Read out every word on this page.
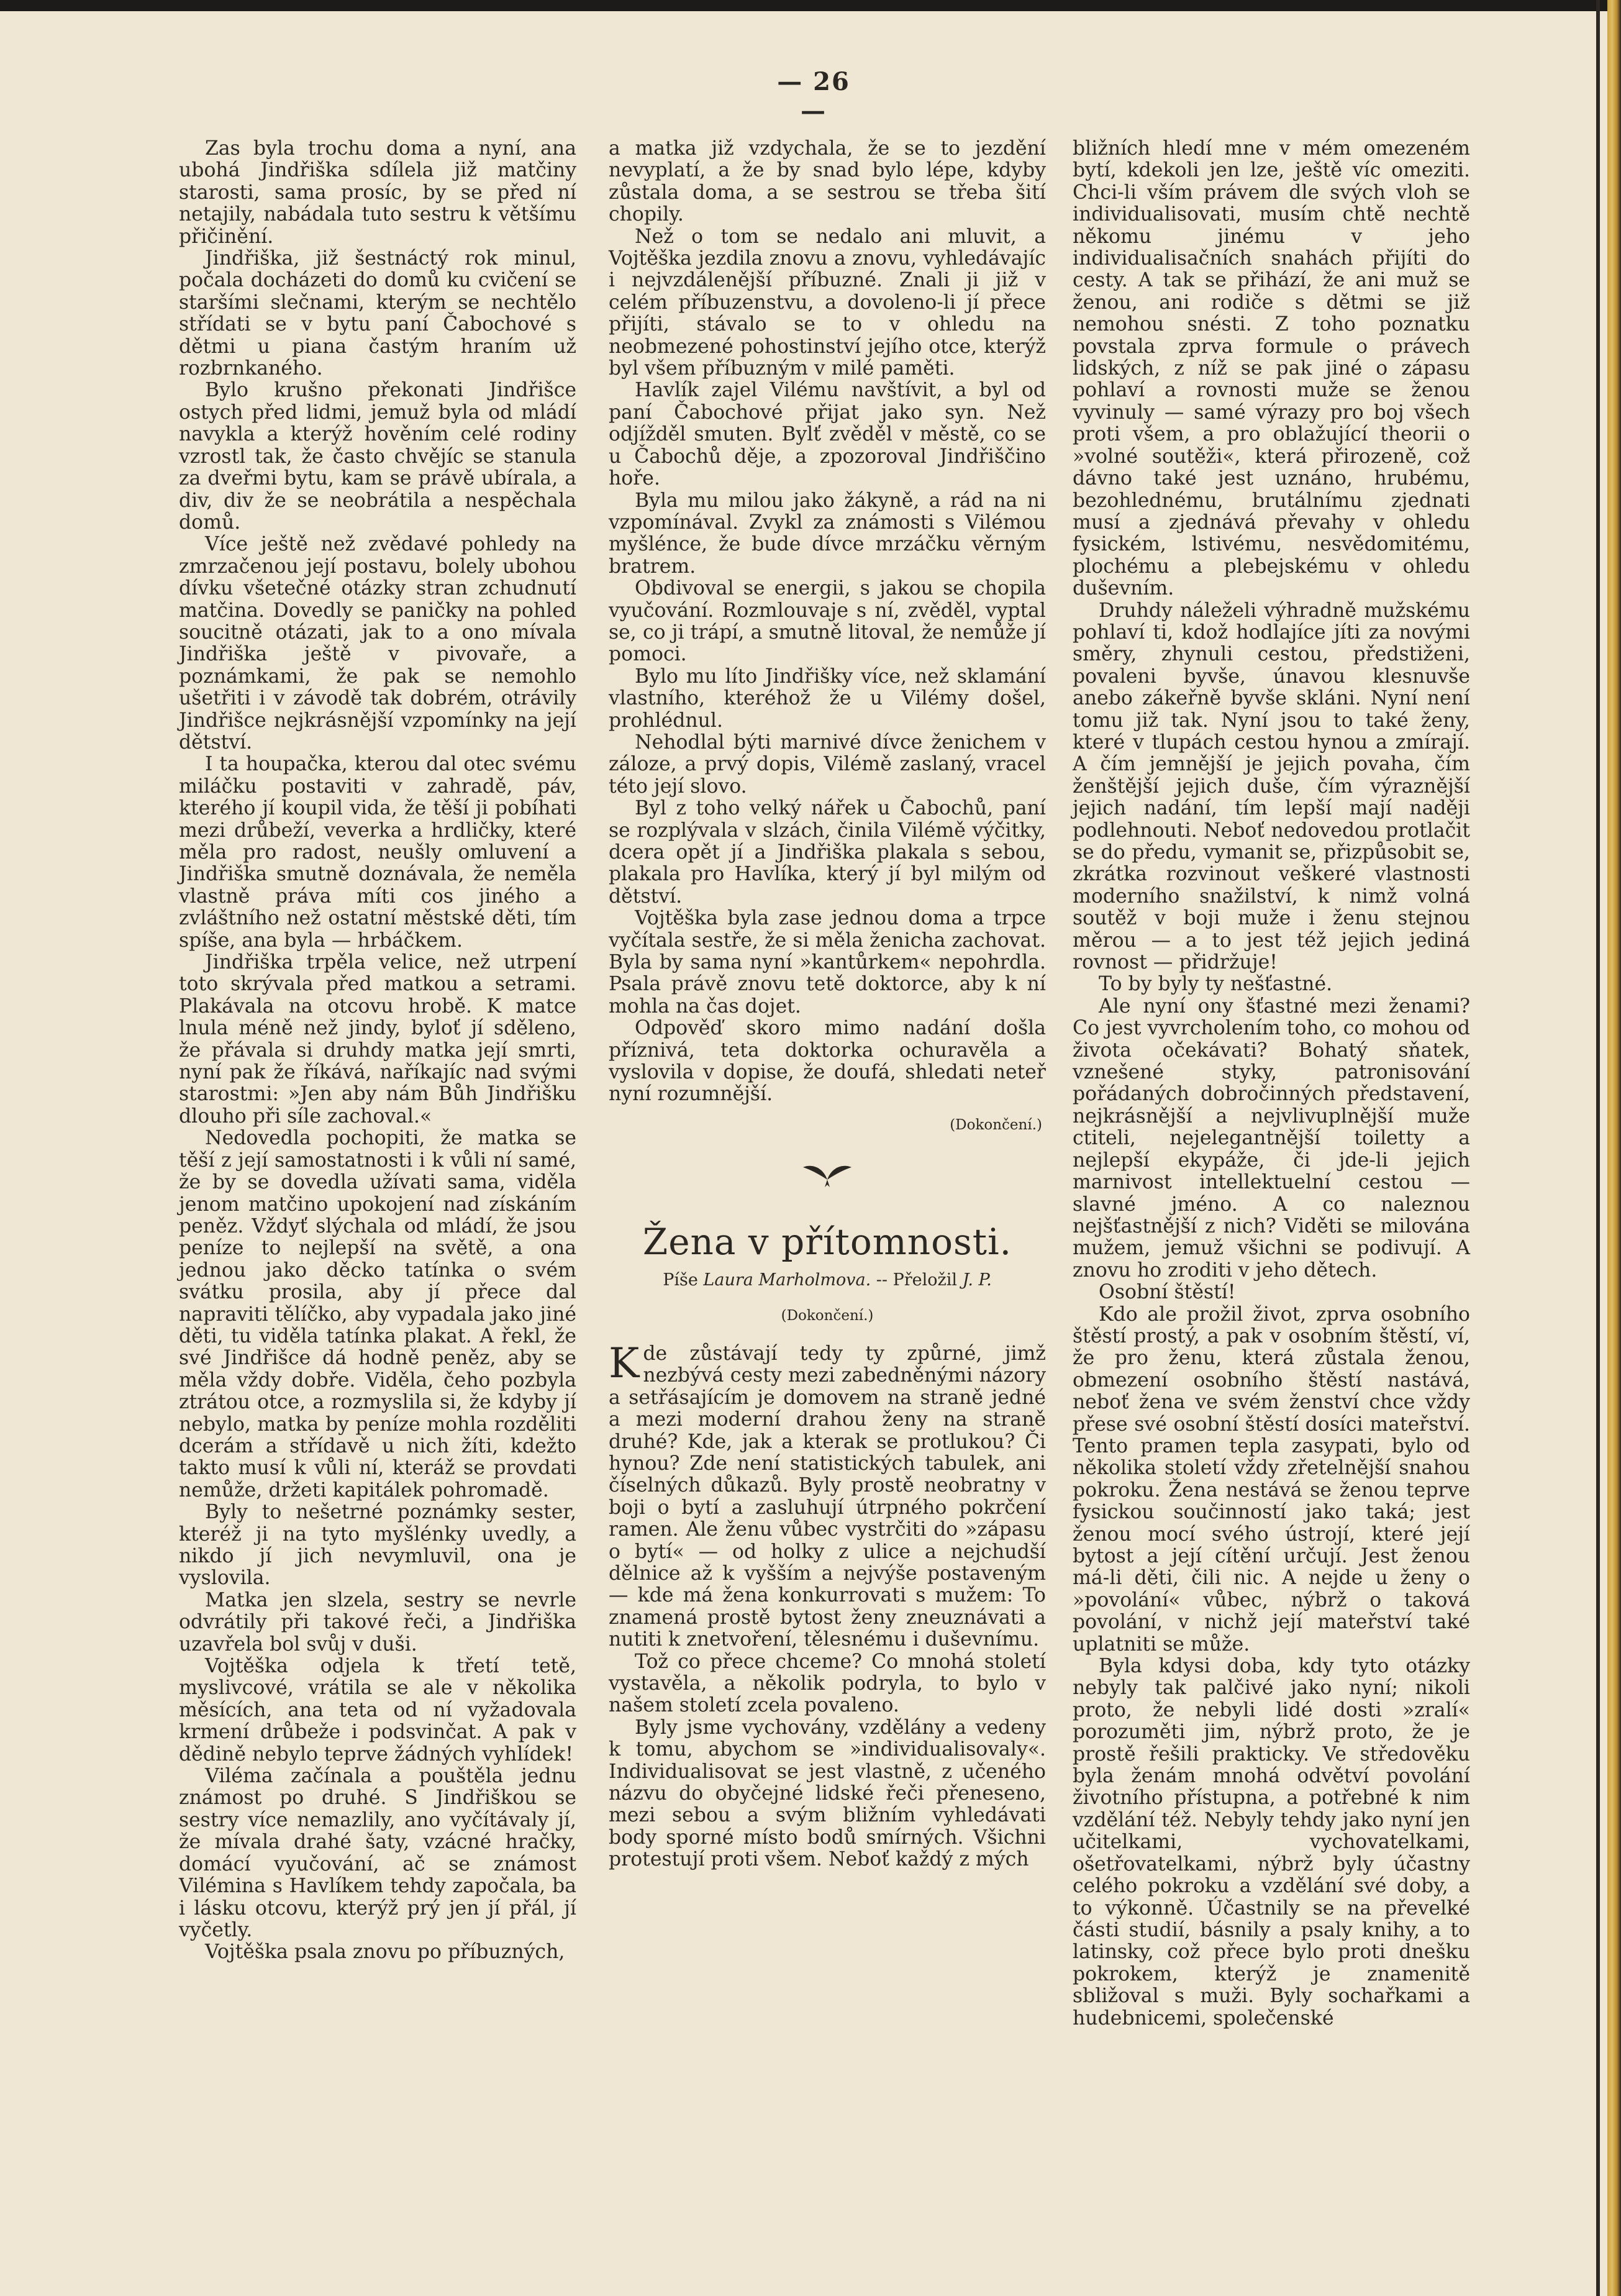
— 26 —

Zas byla trochu doma a nyní, ana ubohá Jindřiška sdílela již matčiny starosti, sama prosíc, by se před ní netajily, nabádala tuto sestru k většímu přičinění.

Jindřiška, již šestnáctý rok minul, počala docházeti do domů ku cvičení se staršími slečnami, kterým se nechtělo střídati se v bytu paní Čabochové s dětmi u piana častým hraním už rozbrnkaného.

Bylo krušno překonati Jindřišce ostych před lidmi, jemuž byla od mládí navykla a kterýž hověním celé rodiny vzrostl tak, že často chvějíc se stanula za dveřmi bytu, kam se právě ubírala, a div, div že se neobrátila a nespěchala domů.

Více ještě než zvědavé pohledy na zmrzačenou její postavu, bolely ubohou dívku všetečné otázky stran zchudnutí matčina. Dovedly se paničky na pohled soucitně otázati, jak to a ono mívala Jindřiška ještě v pivovaře, a poznámkami, že pak se nemohlo ušetřiti i v závodě tak dobrém, otrávily Jindřišce nejkrásnější vzpomínky na její dětství.

I ta houpačka, kterou dal otec svému miláčku postaviti v zahradě, páv, kterého jí koupil vida, že těší ji pobíhati mezi drůbeží, veverka a hrdličky, které měla pro radost, neušly omluvení a Jindřiška smutně doznávala, že neměla vlastně práva míti cos jiného a zvláštního než ostatní městské děti, tím spíše, ana byla — hrbáčkem.

Jindřiška trpěla velice, než utrpení toto skrývala před matkou a setrami. Plakávala na otcovu hrobě. K matce lnula méně než jindy, byloť jí sděleno, že přávala si druhdy matka její smrti, nyní pak že říkává, naříkajíc nad svými starostmi: »Jen aby nám Bůh Jindřišku dlouho při síle zachoval.«

Nedovedla pochopiti, že matka se těší z její samostatnosti i k vůli ní samé, že by se dovedla užívati sama, viděla jenom matčino upokojení nad získáním peněz. Vždyť slýchala od mládí, že jsou peníze to nejlepší na světě, a ona jednou jako děcko tatínka o svém svátku prosila, aby jí přece dal napraviti tělíčko, aby vypadala jako jiné děti, tu viděla tatínka plakat. A řekl, že své Jindřišce dá hodně peněz, aby se měla vždy dobře. Viděla, čeho pozbyla ztrátou otce, a rozmyslila si, že kdyby jí nebylo, matka by peníze mohla rozděliti dcerám a střídavě u nich žíti, kdežto takto musí k vůli ní, kteráž se provdati nemůže, držeti kapitálek pohromadě.

Byly to nešetrné poznámky sester, kteréž ji na tyto myšlénky uvedly, a nikdo jí jich nevymluvil, ona je vyslovila.

Matka jen slzela, sestry se nevrle odvrátily při takové řeči, a Jindřiška uzavřela bol svůj v duši.

Vojtěška odjela k třetí tetě, myslivcové, vrátila se ale v několika měsících, ana teta od ní vyžadovala krmení drůbeže i podsvinčat. A pak v dědině nebylo teprve žádných vyhlídek!

Viléma začínala a pouštěla jednu známost po druhé. S Jindřiškou se sestry více nemazlily, ano vyčítávaly jí, že mívala drahé šaty, vzácné hračky, domácí vyučování, ač se známost Vilémina s Havlíkem tehdy započala, ba i lásku otcovu, kterýž prý jen jí přál, jí vyčetly.

Vojtěška psala znovu po příbuzných,

a matka již vzdychala, že se to jezdění nevyplatí, a že by snad bylo lépe, kdyby zůstala doma, a se sestrou se třeba šití chopily.

Než o tom se nedalo ani mluvit, a Vojtěška jezdila znovu a znovu, vyhledávajíc i nejvzdálenější příbuzné. Znali ji již v celém příbuzenstvu, a dovoleno-li jí přece přijíti, stávalo se to v ohledu na neobmezené pohostinství jejího otce, kterýž byl všem příbuzným v milé paměti.

Havlík zajel Vilému navštívit, a byl od paní Čabochové přijat jako syn. Než odjížděl smuten. Bylť zvěděl v městě, co se u Čabochů děje, a zpozoroval Jindřiščino hoře.

Byla mu milou jako žákyně, a rád na ni vzpomínával. Zvykl za známosti s Vilémou myšlénce, že bude dívce mrzáčku věrným bratrem.

Obdivoval se energii, s jakou se chopila vyučování. Rozmlouvaje s ní, zvěděl, vyptal se, co ji trápí, a smutně litoval, že nemůže jí pomoci.

Bylo mu líto Jindřišky více, než sklamání vlastního, kteréhož že u Vilémy došel, prohlédnul.

Nehodlal býti marnivé dívce ženichem v záloze, a prvý dopis, Vilémě zaslaný, vracel této její slovo.

Byl z toho velký nářek u Čabochů, paní se rozplývala v slzách, činila Vilémě výčitky, dcera opět jí a Jindřiška plakala s sebou, plakala pro Havlíka, který jí byl milým od dětství.

Vojtěška byla zase jednou doma a trpce vyčítala sestře, že si měla ženicha zachovat. Byla by sama nyní »kantůrkem« nepohrdla. Psala právě znovu tetě doktorce, aby k ní mohla na čas dojet.

Odpověď skoro mimo nadání došla příznivá, teta doktorka ochuravěla a vyslovila v dopise, že doufá, shledati neteř nyní rozumnější.

(Dokončení.)
Žena v přítomnosti.
Píše Laura Marholmova. -- Přeložil J. P.
(Dokončení.)

Kde zůstávají tedy ty způrné, jimž nezbývá cesty mezi zabedněnými názory a setřásajícím je domovem na straně jedné a mezi moderní drahou ženy na straně druhé? Kde, jak a kterak se protlukou? Či hynou? Zde není statistických tabulek, ani číselných důkazů. Byly prostě neobratny v boji o bytí a zasluhují útrpného pokrčení ramen. Ale ženu vůbec vystrčiti do »zápasu o bytí« — od holky z ulice a nejchudší dělnice až k vyšším a nejvýše postaveným — kde má žena konkurrovati s mužem: To znamená prostě bytost ženy zneuznávati a nutiti k znetvoření, tělesnému i duševnímu.

Tož co přece chceme? Co mnohá století vystavěla, a několik podryla, to bylo v našem století zcela povaleno.

Byly jsme vychovány, vzdělány a vedeny k tomu, abychom se »individualisovaly«. Individualisovat se jest vlastně, z učeného názvu do obyčejné lidské řeči přeneseno, mezi sebou a svým bližním vyhledávati body sporné místo bodů smírných. Všichni protestují proti všem. Neboť každý z mých

bližních hledí mne v mém omezeném bytí, kdekoli jen lze, ještě víc omeziti. Chci-li vším právem dle svých vloh se individualisovati, musím chtě nechtě někomu jinému v jeho individualisačních snahách přijíti do cesty. A tak se přihází, že ani muž se ženou, ani rodiče s dětmi se již nemohou snésti. Z toho poznatku povstala zprva formule o právech lidských, z níž se pak jiné o zápasu pohlaví a rovnosti muže se ženou vyvinuly — samé výrazy pro boj všech proti všem, a pro oblažující theorii o »volné soutěži«, která přirozeně, což dávno také jest uznáno, hrubému, bezohlednému, brutálnímu zjednati musí a zjednává převahy v ohledu fysickém, lstivému, nesvědomitému, plochému a plebejskému v ohledu duševním.

Druhdy náleželi výhradně mužskému pohlaví ti, kdož hodlajíce jíti za novými směry, zhynuli cestou, předstiženi, povaleni byvše, únavou klesnuvše anebo zákeřně byvše skláni. Nyní není tomu již tak. Nyní jsou to také ženy, které v tlupách cestou hynou a zmírají. A čím jemnější je jejich povaha, čím ženštější jejich duše, čím výraznější jejich nadání, tím lepší mají naději podlehnouti. Neboť nedovedou protlačit se do předu, vymanit se, přizpůsobit se, zkrátka rozvinout veškeré vlastnosti moderního snažilství, k nimž volná soutěž v boji muže i ženu stejnou měrou — a to jest též jejich jediná rovnost — přidržuje!

To by byly ty nešťastné.

Ale nyní ony šťastné mezi ženami? Co jest vyvrcholením toho, co mohou od života očekávati? Bohatý sňatek, vznešené styky, patronisování pořádaných dobročinných představení, nejkrásnější a nejvlivuplnější muže ctiteli, nejelegantnější toiletty a nejlepší ekypáže, či jde-li jejich marnivost intellektuelní cestou — slavné jméno. A co naleznou nejšťastnější z nich? Viděti se milována mužem, jemuž všichni se podivují. A znovu ho zroditi v jeho dětech.

Osobní štěstí!

Kdo ale prožil život, zprva osobního štěstí prostý, a pak v osobním štěstí, ví, že pro ženu, která zůstala ženou, obmezení osobního štěstí nastává, neboť žena ve svém ženství chce vždy přese své osobní štěstí dosíci mateřství. Tento pramen tepla zasypati, bylo od několika století vždy zřetelnější snahou pokroku. Žena nestává se ženou teprve fysickou součinností jako taká; jest ženou mocí svého ústrojí, které její bytost a její cítění určují. Jest ženou má-li děti, čili nic. A nejde u ženy o »povolání« vůbec, nýbrž o taková povolání, v nichž její mateřství také uplatniti se může.

Byla kdysi doba, kdy tyto otázky nebyly tak palčivé jako nyní; nikoli proto, že nebyli lidé dosti »zralí« porozuměti jim, nýbrž proto, že je prostě řešili prakticky. Ve středověku byla ženám mnohá odvětví povolání životního přístupna, a potřebné k nim vzdělání též. Nebyly tehdy jako nyní jen učitelkami, vychovatelkami, ošetřovatelkami, nýbrž byly účastny celého pokroku a vzdělání své doby, a to výkonně. Účastnily se na převelké části studií, básnily a psaly knihy, a to latinsky, což přece bylo proti dnešku pokrokem, kterýž je znamenitě sbližoval s muži. Byly sochařkami a hudebnicemi, společenské
